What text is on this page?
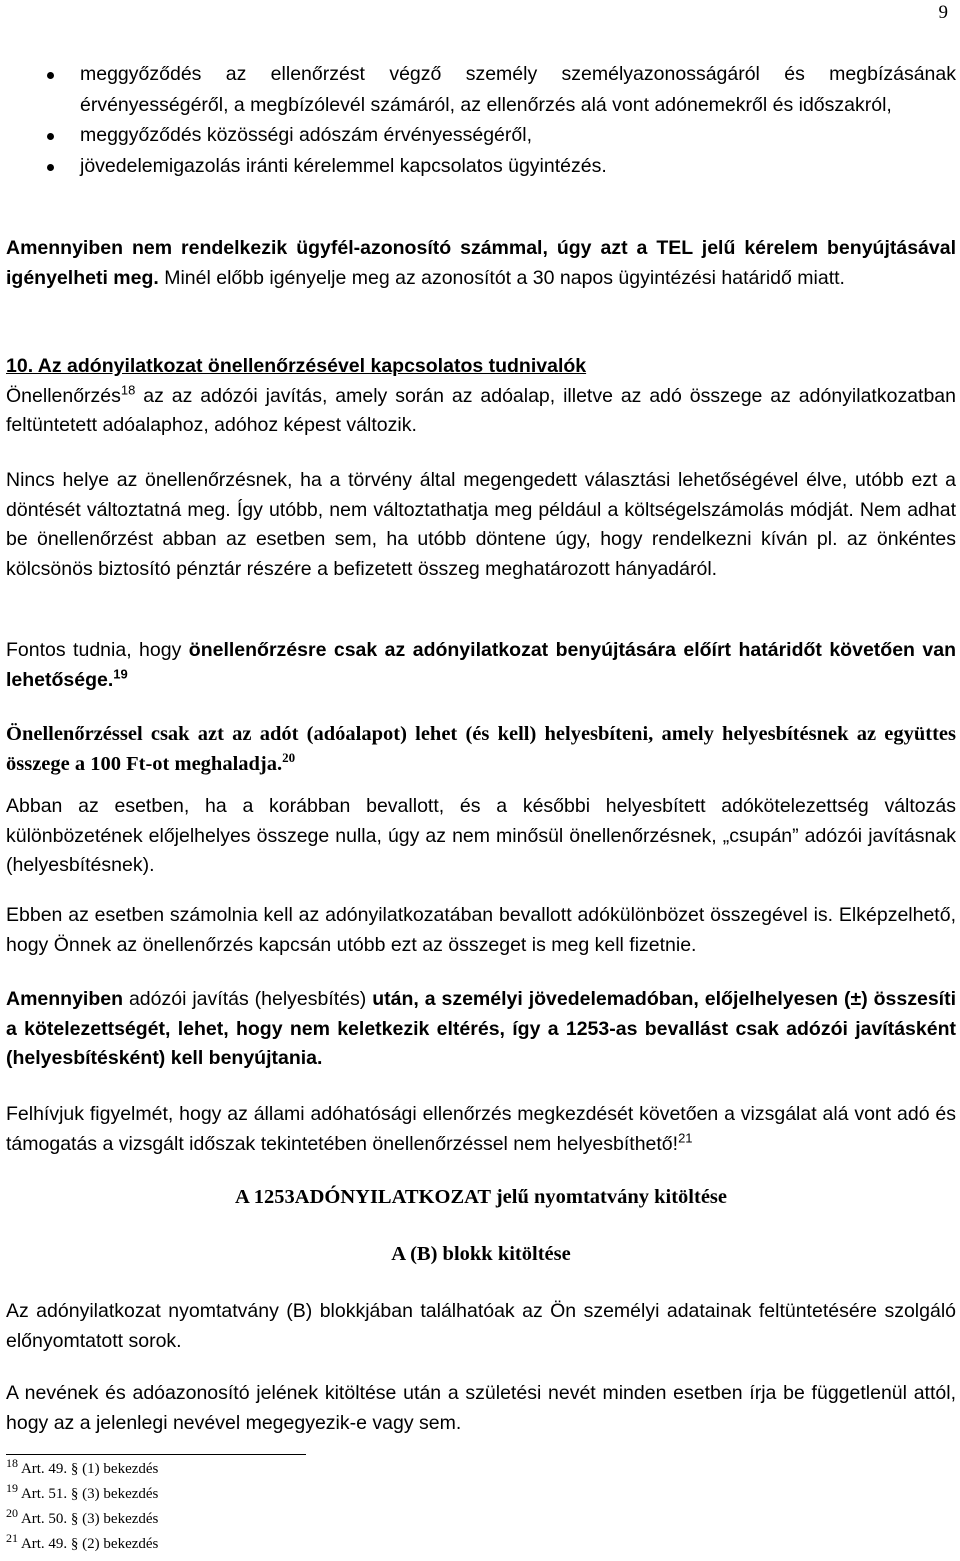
9
meggyőződés az ellenőrzést végző személy személyazonosságáról és megbízásának érvényességéről, a megbízólevél számáról, az ellenőrzés alá vont adónemekről és időszakról,
meggyőződés közösségi adószám érvényességéről,
jövedelemigazolás iránti kérelemmel kapcsolatos ügyintézés.
Amennyiben nem rendelkezik ügyfél-azonosító számmal, úgy azt a TEL jelű kérelem benyújtásával igényelheti meg. Minél előbb igényelje meg az azonosítót a 30 napos ügyintézési határidő miatt.
10. Az adónyilatkozat önellenőrzésével kapcsolatos tudnivalók
Önellenőrzés$^{18}$ az az adózói javítás, amely során az adóalap, illetve az adó összege az adónyilatkozatban feltüntetett adóalaphoz, adóhoz képest változik.
Nincs helye az önellenőrzésnek, ha a törvény által megengedett választási lehetőségével élve, utóbb ezt a döntését változtatná meg. Így utóbb, nem változtathatja meg például a költségelszámolás módját. Nem adhat be önellenőrzést abban az esetben sem, ha utóbb döntene úgy, hogy rendelkezni kíván pl. az önkéntes kölcsönös biztosító pénztár részére a befizetett összeg meghatározott hányadáról.
Fontos tudnia, hogy önellenőrzésre csak az adónyilatkozat benyújtására előírt határidőt követően van lehetősége.$^{19}$
Önellenőrzéssel csak azt az adót (adóalapot) lehet (és kell) helyesbíteni, amely helyesbítésnek az együttes összege a 100 Ft-ot meghaladja.$^{20}$
Abban az esetben, ha a korábban bevallott, és a későbbi helyesbített adókötelezettség változás különbözetének előjelhelyes összege nulla, úgy az nem minősül önellenőrzésnek, „csupán” adózói javításnak (helyesbítésnek).
Ebben az esetben számolnia kell az adónyilatkozatában bevallott adókülönbözet összegével is. Elképzelhető, hogy Önnek az önellenőrzés kapcsán utóbb ezt az összeget is meg kell fizetnie.
Amennyiben adózói javítás (helyesbítés) után, a személyi jövedelemadóban, előjelhelyesen (±) összesíti a kötelezettségét, lehet, hogy nem keletkezik eltérés, így a 1253-as bevallást csak adózói javításként (helyesbítésként) kell benyújtania.
Felhívjuk figyelmét, hogy az állami adóhatósági ellenőrzés megkezdését követően a vizsgálat alá vont adó és támogatás a vizsgált időszak tekintetében önellenőrzéssel nem helyesbíthető!$^{21}$
A 1253ADÓNYILATKOZAT jelű nyomtatvány kitöltése
A (B) blokk kitöltése
Az adónyilatkozat nyomtatvány (B) blokkjában találhatóak az Ön személyi adatainak feltüntetésére szolgáló előnyomtatott sorok.
A nevének és adóazonosító jelének kitöltése után a születési nevét minden esetben írja be függetlenül attól, hogy az a jelenlegi nevével megegyezik-e vagy sem.
$^{18}$ Art. 49. § (1) bekezdés
$^{19}$ Art. 51. § (3) bekezdés
$^{20}$ Art. 50. § (3) bekezdés
$^{21}$ Art. 49. § (2) bekezdés
